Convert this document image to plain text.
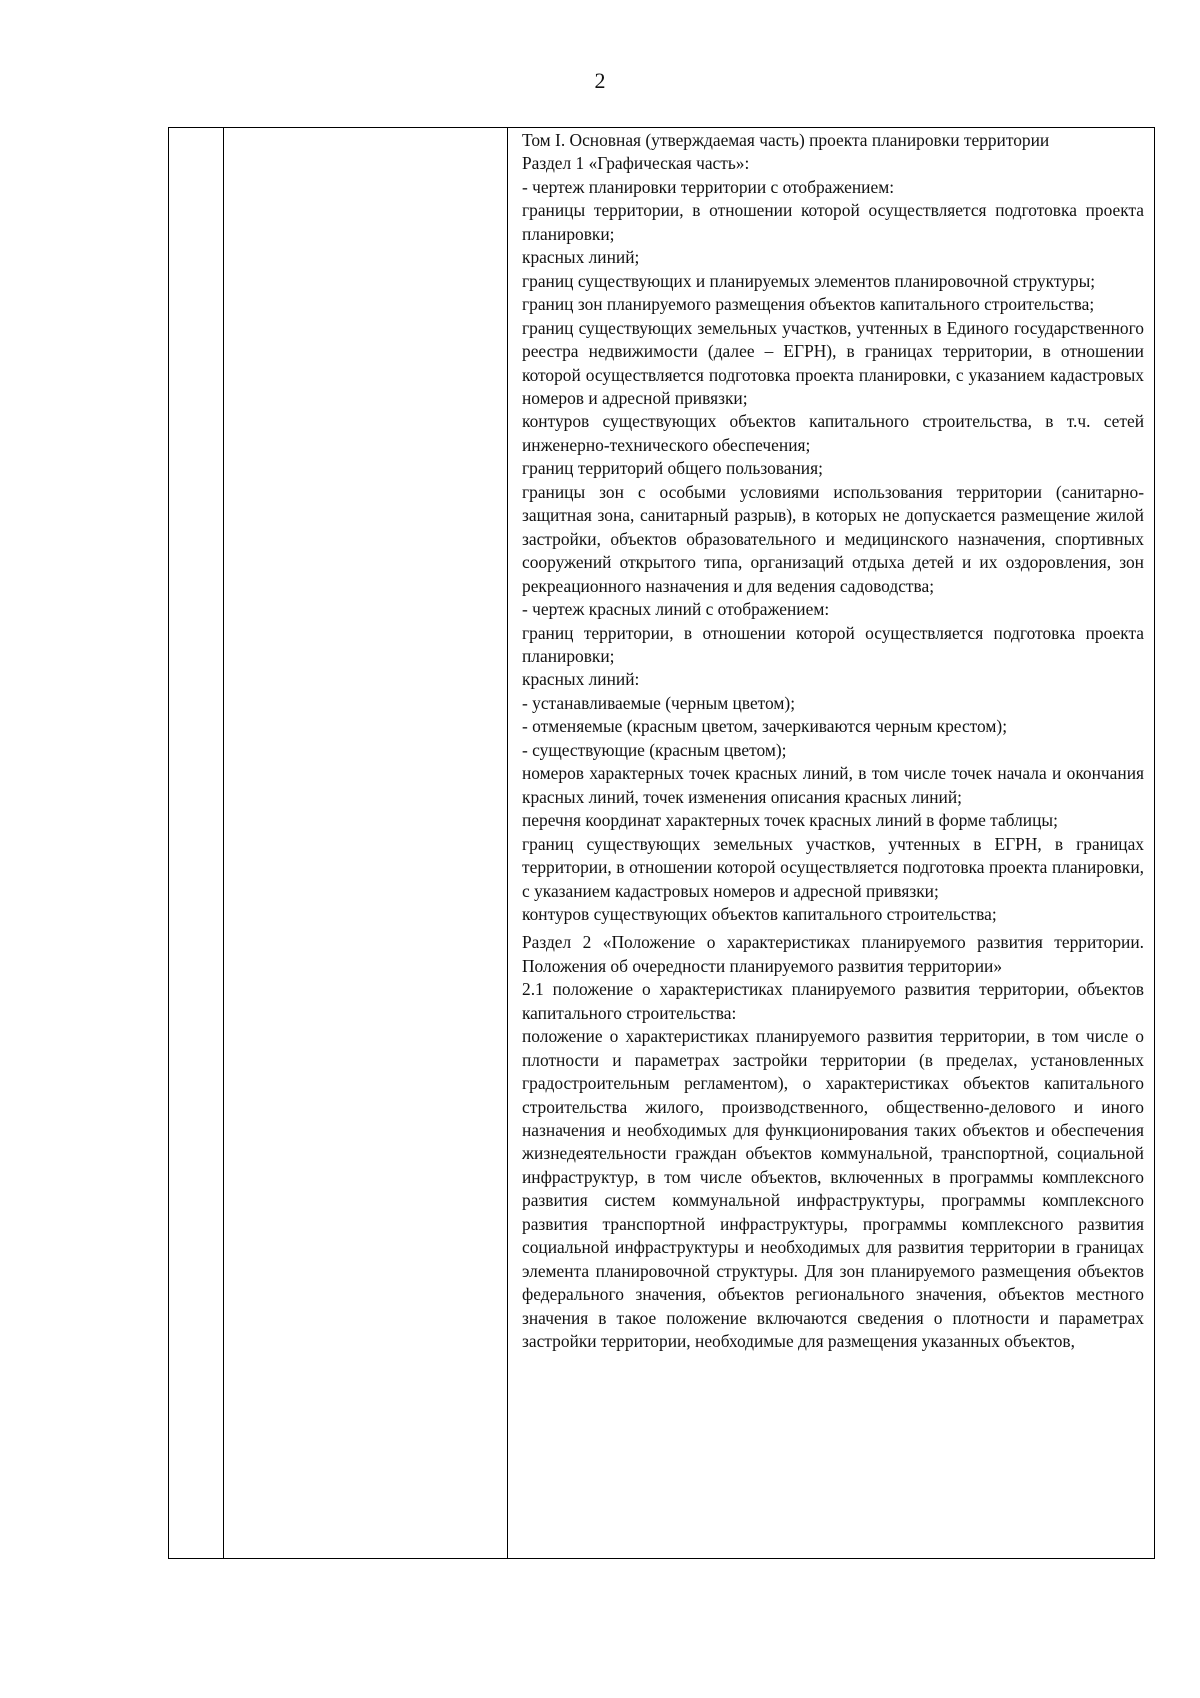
2

Том I. Основная (утверждаемая часть) проекта планировки территории

Раздел 1 «Графическая часть»:

- чертеж планировки территории с отображением:

границы территории, в отношении которой осуществляется подготовка проекта планировки;

красных линий;

границ существующих и планируемых элементов планировочной структуры;

границ зон планируемого размещения объектов капитального строительства;

границ существующих земельных участков, учтенных в Единого государственного реестра недвижимости (далее – ЕГРН), в границах территории, в отношении которой осуществляется подготовка проекта планировки, с указанием кадастровых номеров и адресной привязки;

контуров существующих объектов капитального строительства, в т.ч. сетей инженерно-технического обеспечения;

границ территорий общего пользования;

границы зон с особыми условиями использования территории (санитарно-защитная зона, санитарный разрыв), в которых не допускается размещение жилой застройки, объектов образовательного и медицинского назначения, спортивных сооружений открытого типа, организаций отдыха детей и их оздоровления, зон рекреационного назначения и для ведения садоводства;

- чертеж красных линий с отображением:

границ территории, в отношении которой осуществляется подготовка проекта планировки;

красных линий:

- устанавливаемые (черным цветом);

- отменяемые (красным цветом, зачеркиваются черным крестом);

- существующие (красным цветом);

номеров характерных точек красных линий, в том числе точек начала и окончания красных линий, точек изменения описания красных линий;

перечня координат характерных точек красных линий в форме таблицы;

границ существующих земельных участков, учтенных в ЕГРН, в границах территории, в отношении которой осуществляется подготовка проекта планировки, с указанием кадастровых номеров и адресной привязки;

контуров существующих объектов капитального строительства;

Раздел 2 «Положение о характеристиках планируемого развития территории. Положения об очередности планируемого развития территории»

2.1 положение о характеристиках планируемого развития территории, объектов капитального строительства:

положение о характеристиках планируемого развития территории, в том числе о плотности и параметрах застройки территории (в пределах, установленных градостроительным регламентом), о характеристиках объектов капитального строительства жилого, производственного, общественно-делового и иного назначения и необходимых для функционирования таких объектов и обеспечения жизнедеятельности граждан объектов коммунальной, транспортной, социальной инфраструктур, в том числе объектов, включенных в программы комплексного развития систем коммунальной инфраструктуры, программы комплексного развития транспортной инфраструктуры, программы комплексного развития социальной инфраструктуры и необходимых для развития территории в границах элемента планировочной структуры. Для зон планируемого размещения объектов федерального значения, объектов регионального значения, объектов местного значения в такое положение включаются сведения о плотности и параметрах застройки территории, необходимые для размещения указанных объектов,
